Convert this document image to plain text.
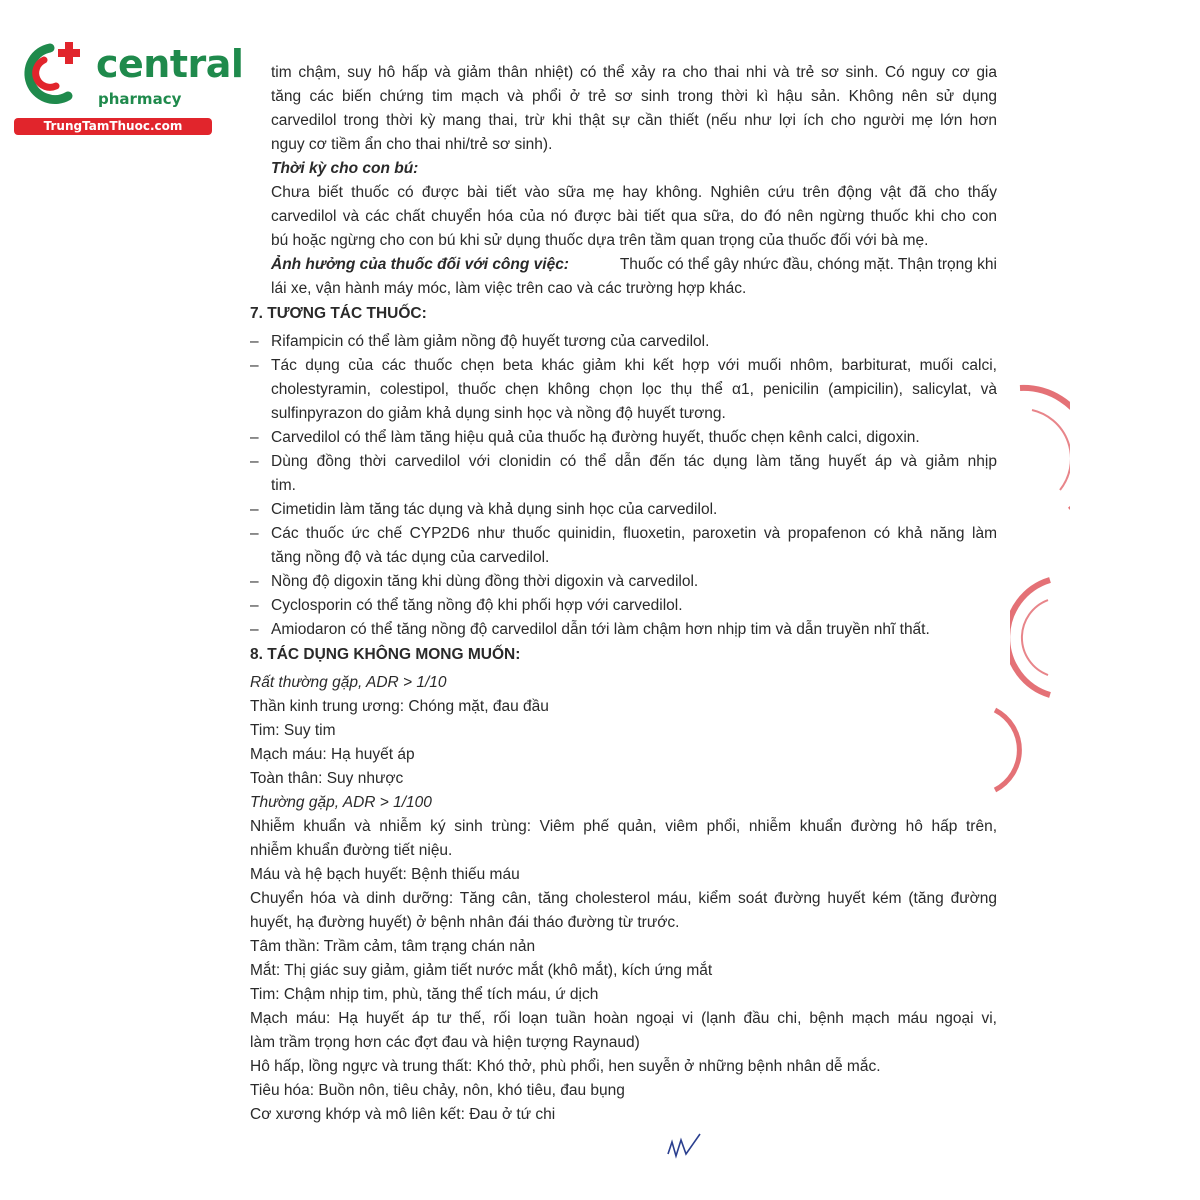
central
pharmacy
TrungTamThuoc.com
tim chậm, suy hô hấp và giảm thân nhiệt) có thể xảy ra cho thai nhi và trẻ sơ sinh. Có nguy cơ gia
tăng các biến chứng tim mạch và phổi ở trẻ sơ sinh trong thời kì hậu sản. Không nên sử dụng
carvedilol trong thời kỳ mang thai, trừ khi thật sự cần thiết (nếu như lợi ích cho người mẹ lớn hơn
nguy cơ tiềm ẩn cho thai nhi/trẻ sơ sinh).
Thời kỳ cho con bú:
Chưa biết thuốc có được bài tiết vào sữa mẹ hay không. Nghiên cứu trên động vật đã cho thấy
carvedilol và các chất chuyển hóa của nó được bài tiết qua sữa, do đó nên ngừng thuốc khi cho con
bú hoặc ngừng cho con bú khi sử dụng thuốc dựa trên tầm quan trọng của thuốc đối với bà mẹ.
Ảnh hưởng của thuốc đối với công việc:	Thuốc có thể gây nhức đầu, chóng mặt. Thận trọng khi
lái xe, vận hành máy móc, làm việc trên cao và các trường hợp khác.
7. TƯƠNG TÁC THUỐC:
– Rifampicin có thể làm giảm nồng độ huyết tương của carvedilol.
– Tác dụng của các thuốc chẹn beta khác giảm khi kết hợp với muối nhôm, barbiturat, muối calci,
cholestyramin, colestipol, thuốc chẹn không chọn lọc thụ thể α1, penicilin (ampicilin), salicylat, và
sulfinpyrazon do giảm khả dụng sinh học và nồng độ huyết tương.
– Carvedilol có thể làm tăng hiệu quả của thuốc hạ đường huyết, thuốc chẹn kênh calci, digoxin.
– Dùng đồng thời carvedilol với clonidin có thể dẫn đến tác dụng làm tăng huyết áp và giảm nhịp
tim.
– Cimetidin làm tăng tác dụng và khả dụng sinh học của carvedilol.
– Các thuốc ức chế CYP2D6 như thuốc quinidin, fluoxetin, paroxetin và propafenon có khả năng làm
tăng nồng độ và tác dụng của carvedilol.
– Nồng độ digoxin tăng khi dùng đồng thời digoxin và carvedilol.
– Cyclosporin có thể tăng nồng độ khi phối hợp với carvedilol.
– Amiodaron có thể tăng nồng độ carvedilol dẫn tới làm chậm hơn nhịp tim và dẫn truyền nhĩ thất.
8. TÁC DỤNG KHÔNG MONG MUỐN:
Rất thường gặp, ADR > 1/10
Thần kinh trung ương: Chóng mặt, đau đầu
Tim: Suy tim
Mạch máu: Hạ huyết áp
Toàn thân: Suy nhược
Thường gặp, ADR > 1/100
Nhiễm khuẩn và nhiễm ký sinh trùng: Viêm phế quản, viêm phổi, nhiễm khuẩn đường hô hấp trên,
nhiễm khuẩn đường tiết niệu.
Máu và hệ bạch huyết: Bệnh thiếu máu
Chuyển hóa và dinh dưỡng: Tăng cân, tăng cholesterol máu, kiểm soát đường huyết kém (tăng đường
huyết, hạ đường huyết) ở bệnh nhân đái tháo đường từ trước.
Tâm thần: Trầm cảm, tâm trạng chán nản
Mắt: Thị giác suy giảm, giảm tiết nước mắt (khô mắt), kích ứng mắt
Tim: Chậm nhịp tim, phù, tăng thể tích máu, ứ dịch
Mạch máu: Hạ huyết áp tư thế, rối loạn tuần hoàn ngoại vi (lạnh đầu chi, bệnh mạch máu ngoại vi,
làm trầm trọng hơn các đợt đau và hiện tượng Raynaud)
Hô hấp, lồng ngực và trung thất: Khó thở, phù phổi, hen suyễn ở những bệnh nhân dễ mắc.
Tiêu hóa: Buồn nôn, tiêu chảy, nôn, khó tiêu, đau bụng
Cơ xương khớp và mô liên kết: Đau ở tứ chi
